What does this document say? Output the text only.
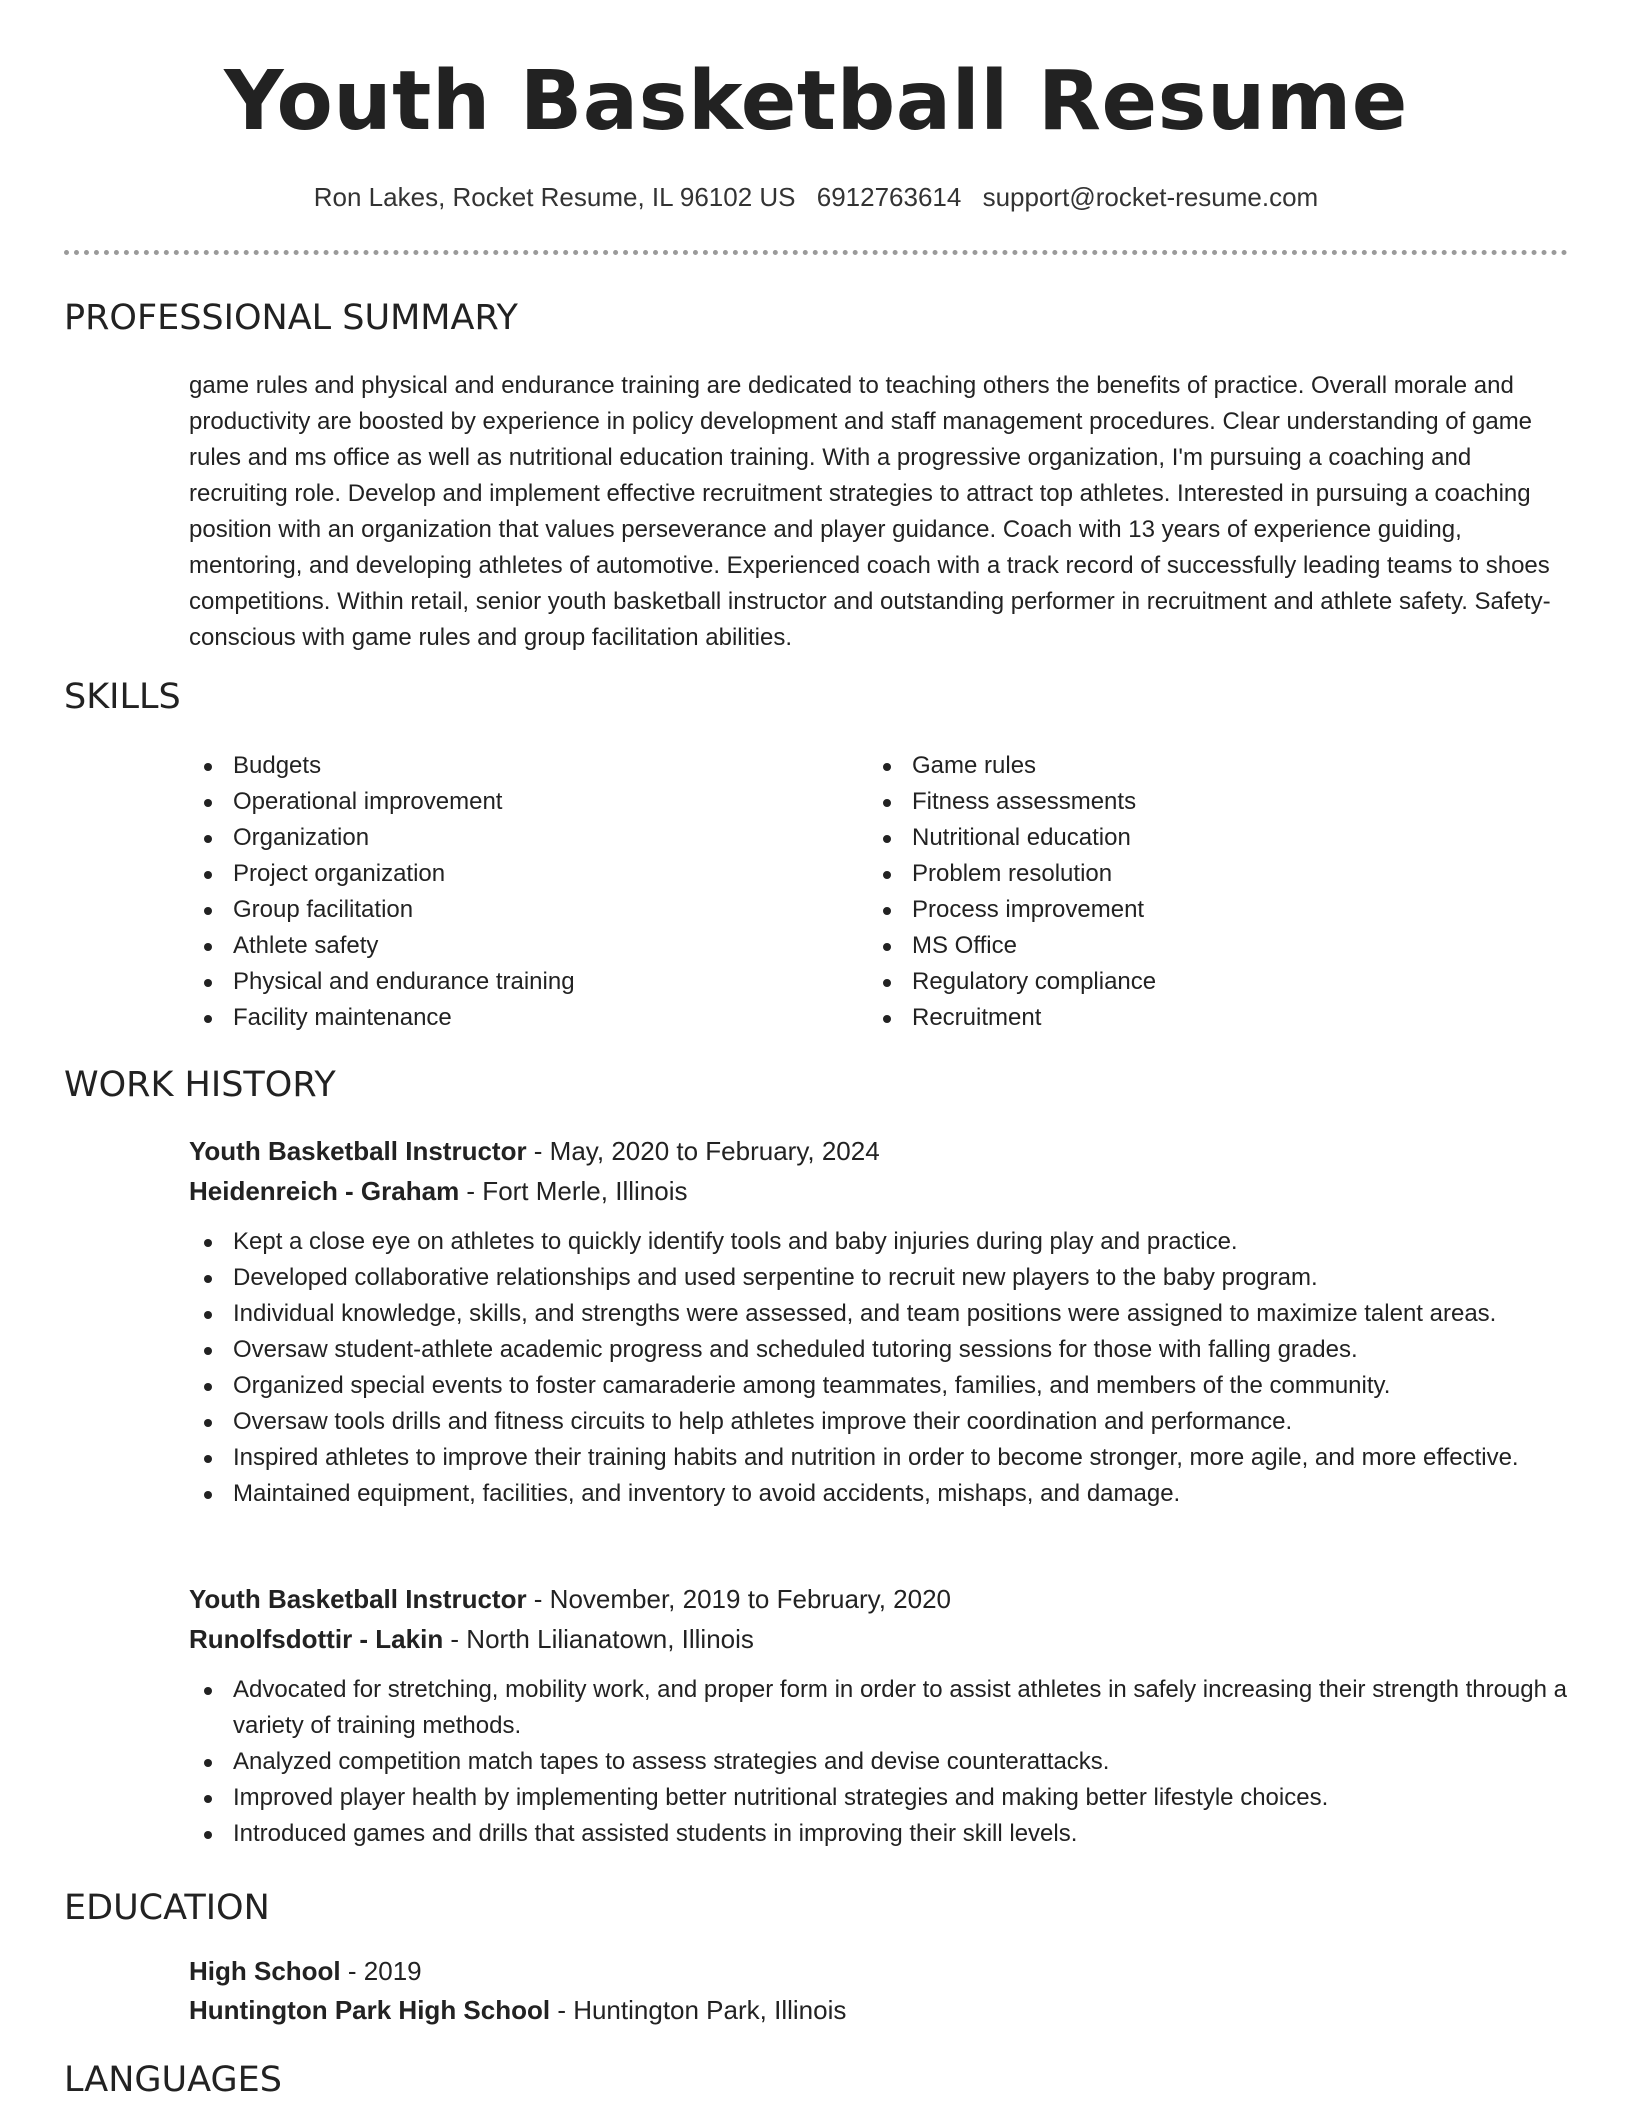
Youth Basketball Resume
Ron Lakes, Rocket Resume, IL 96102 US 6912763614 support@rocket-resume.com
PROFESSIONAL SUMMARY

game rules and physical and endurance training are dedicated to teaching others the benefits of practice. Overall morale and productivity are boosted by experience in policy development and staff management procedures. Clear understanding of game rules and ms office as well as nutritional education training. With a progressive organization, I'm pursuing a coaching and recruiting role. Develop and implement effective recruitment strategies to attract top athletes. Interested in pursuing a coaching position with an organization that values perseverance and player guidance. Coach with 13 years of experience guiding, mentoring, and developing athletes of automotive. Experienced coach with a track record of successfully leading teams to shoes competitions. Within retail, senior youth basketball instructor and outstanding performer in recruitment and athlete safety. Safety-conscious with game rules and group facilitation abilities.

SKILLS
Budgets
Operational improvement
Organization
Project organization
Group facilitation
Athlete safety
Physical and endurance training
Facility maintenance
Game rules
Fitness assessments
Nutritional education
Problem resolution
Process improvement
MS Office
Regulatory compliance
Recruitment
WORK HISTORY
Youth Basketball Instructor - May, 2020 to February, 2024
Heidenreich - Graham - Fort Merle, Illinois
Kept a close eye on athletes to quickly identify tools and baby injuries during play and practice.
Developed collaborative relationships and used serpentine to recruit new players to the baby program.
Individual knowledge, skills, and strengths were assessed, and team positions were assigned to maximize talent areas.
Oversaw student-athlete academic progress and scheduled tutoring sessions for those with falling grades.
Organized special events to foster camaraderie among teammates, families, and members of the community.
Oversaw tools drills and fitness circuits to help athletes improve their coordination and performance.
Inspired athletes to improve their training habits and nutrition in order to become stronger, more agile, and more effective.
Maintained equipment, facilities, and inventory to avoid accidents, mishaps, and damage.
Youth Basketball Instructor - November, 2019 to February, 2020
Runolfsdottir - Lakin - North Lilianatown, Illinois
Advocated for stretching, mobility work, and proper form in order to assist athletes in safely increasing their strength through a variety of training methods.
Analyzed competition match tapes to assess strategies and devise counterattacks.
Improved player health by implementing better nutritional strategies and making better lifestyle choices.
Introduced games and drills that assisted students in improving their skill levels.
EDUCATION
High School - 2019
Huntington Park High School - Huntington Park, Illinois
LANGUAGES
